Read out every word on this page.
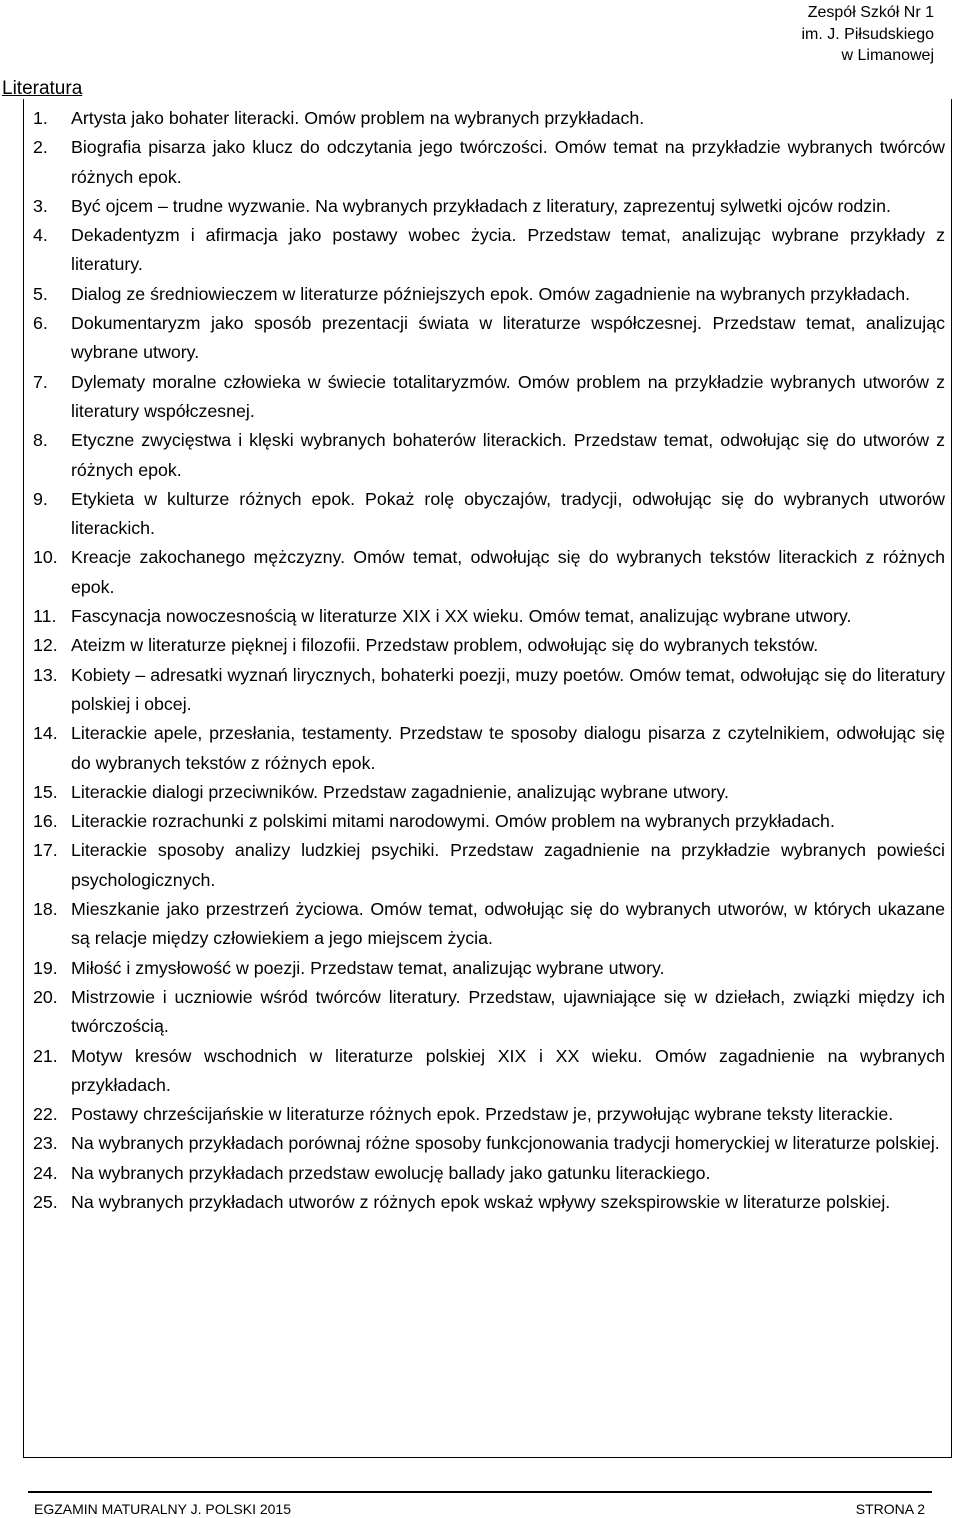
Zespół Szkół Nr 1
im. J. Piłsudskiego
w Limanowej
Literatura
1.	Artysta jako bohater literacki. Omów problem na wybranych przykładach.
2.	Biografia pisarza jako klucz do odczytania jego twórczości. Omów temat na przykładzie wybranych twórców różnych epok.
3.	Być ojcem – trudne wyzwanie. Na wybranych przykładach z literatury, zaprezentuj sylwetki ojców rodzin.
4.	Dekadentyzm i afirmacja jako postawy wobec życia. Przedstaw temat, analizując wybrane przykłady z literatury.
5.	Dialog ze średniowieczem w literaturze późniejszych epok. Omów zagadnienie na wybranych przykładach.
6.	Dokumentaryzm jako sposób prezentacji świata w literaturze współczesnej. Przedstaw temat, analizując wybrane utwory.
7.	Dylematy moralne człowieka w świecie totalitaryzmów. Omów problem na przykładzie wybranych utworów z literatury współczesnej.
8.	Etyczne zwycięstwa i klęski wybranych bohaterów literackich. Przedstaw temat, odwołując się do utworów z różnych epok.
9.	Etykieta w kulturze różnych epok. Pokaż rolę obyczajów, tradycji, odwołując się do wybranych utworów literackich.
10. Kreacje zakochanego mężczyzny. Omów temat, odwołując się do wybranych tekstów literackich z różnych epok.
11. Fascynacja nowoczesnością w literaturze XIX i XX wieku. Omów temat, analizując wybrane utwory.
12. Ateizm w literaturze pięknej i filozofii. Przedstaw problem, odwołując się do wybranych tekstów.
13. Kobiety – adresatki wyznań lirycznych, bohaterki poezji, muzy poetów. Omów temat, odwołując się do literatury polskiej i obcej.
14. Literackie apele, przesłania, testamenty. Przedstaw te sposoby dialogu pisarza z czytelnikiem, odwołując się do wybranych tekstów z różnych epok.
15. Literackie dialogi przeciwników. Przedstaw zagadnienie, analizując wybrane utwory.
16. Literackie rozrachunki z polskimi mitami narodowymi. Omów problem na wybranych przykładach.
17. Literackie sposoby analizy ludzkiej psychiki. Przedstaw zagadnienie na przykładzie wybranych powieści psychologicznych.
18. Mieszkanie jako przestrzeń życiowa. Omów temat, odwołując się do wybranych utworów, w których ukazane są relacje między człowiekiem a jego miejscem życia.
19. Miłość i zmysłowość w poezji. Przedstaw temat, analizując wybrane utwory.
20. Mistrzowie i uczniowie wśród twórców literatury. Przedstaw, ujawniające się w dziełach, związki między ich twórczością.
21. Motyw kresów wschodnich w literaturze polskiej XIX i XX wieku. Omów zagadnienie na wybranych przykładach.
22. Postawy chrześcijańskie w literaturze różnych epok. Przedstaw je, przywołując wybrane teksty literackie.
23. Na wybranych przykładach porównaj różne sposoby funkcjonowania tradycji homeryckiej w literaturze polskiej.
24. Na wybranych przykładach przedstaw ewolucję ballady jako gatunku literackiego.
25. Na wybranych przykładach utworów z różnych epok wskaż wpływy szekspirowskie w literaturze polskiej.
EGZAMIN MATURALNY J. POLSKI 2015	STRONA 2
